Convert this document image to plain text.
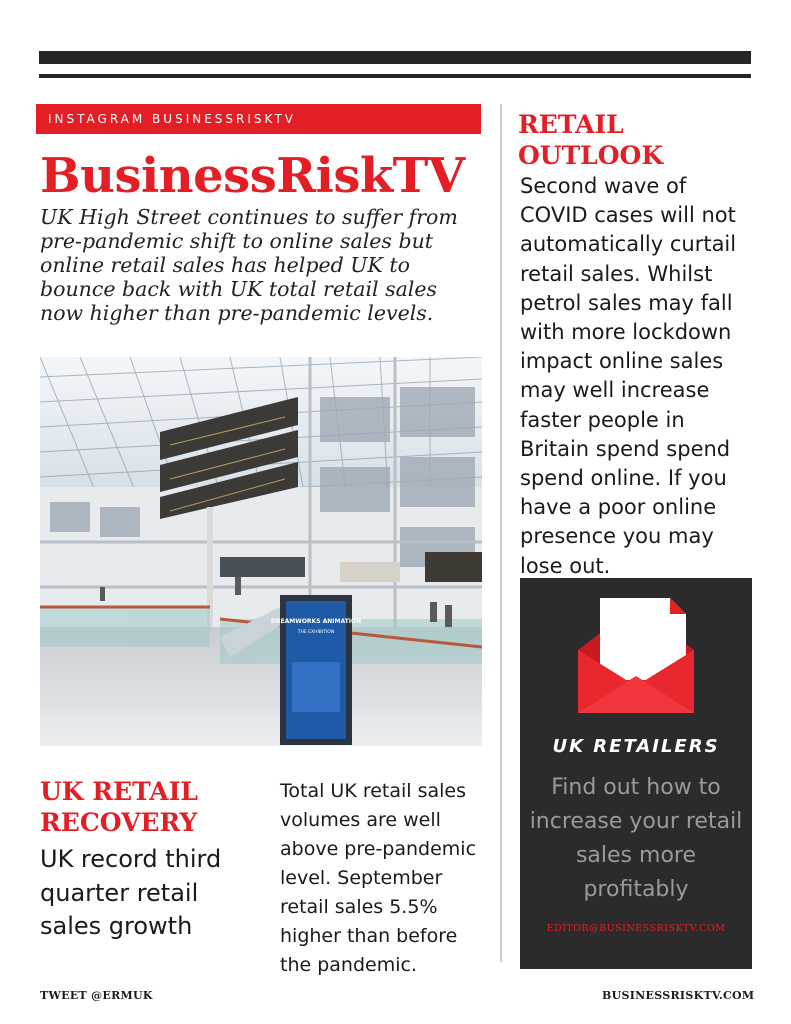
INSTAGRAM BUSINESSRISKTV
BusinessRiskTV
UK High Street continues to suffer from pre-pandemic shift to online sales but online retail sales has helped UK to bounce back with UK total retail sales now higher than pre-pandemic levels.
DREAMWORKS ANIMATION
THE EXHIBITION
RETAIL OUTLOOK
Second wave of COVID cases will not automatically curtail retail sales. Whilst petrol sales may fall with more lockdown impact online sales may well increase faster people in Britain spend spend spend online. If you have a poor online presence you may lose out.
UK RETAILERS
Find out how to increase your retail sales more profitably
EDITOR@BUSINESSRISKTV.COM
UK RETAIL RECOVERY
UK record third quarter retail sales growth
Total UK retail sales volumes are well above pre-pandemic level. September retail sales 5.5% higher than before the pandemic.
TWEET @ERMUK	BUSINESSRISKTV.COM
